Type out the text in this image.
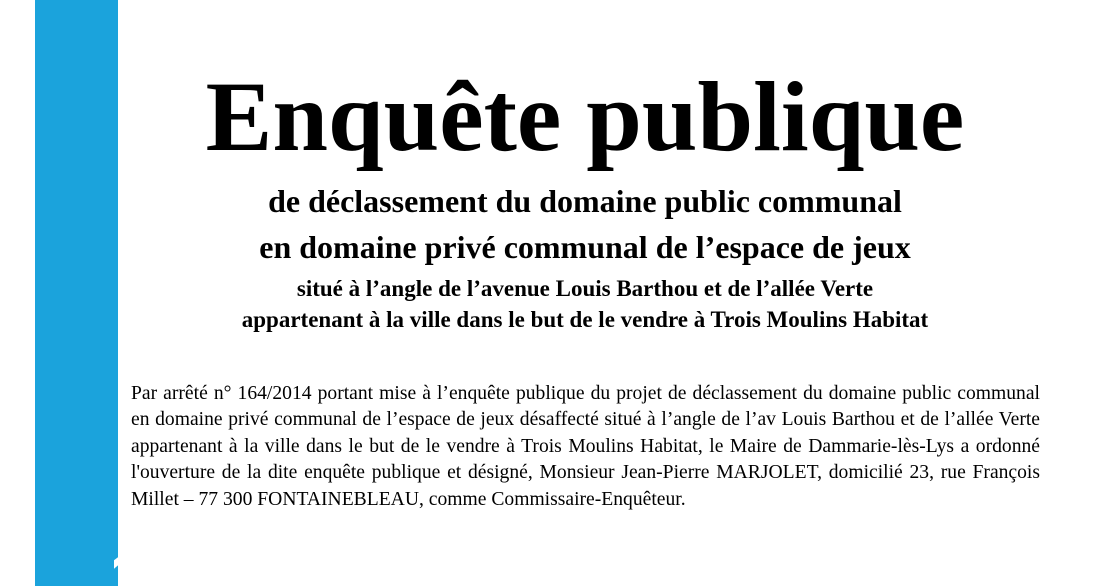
ès-Lys
Enquête publique
de déclassement du domaine public communal
en domaine privé communal de l’espace de jeux
situé à l’angle de l’avenue Louis Barthou et de l’allée Verte
appartenant à la ville dans le but de le vendre à Trois Moulins Habitat

Par arrêté n° 164/2014 portant mise à l’enquête publique du projet de déclassement du domaine public communal en domaine privé communal de l’espace de jeux désaffecté situé à l’angle de l’av Louis Barthou et de l’allée Verte appartenant à la ville dans le but de le vendre à Trois Moulins Habitat, le Maire de Dammarie-lès-Lys a ordonné l'ouverture de la dite enquête publique et désigné, Monsieur Jean-Pierre MARJOLET, domicilié 23, rue François Millet – 77 300 FONTAINEBLEAU, comme Commissaire-Enquêteur.
